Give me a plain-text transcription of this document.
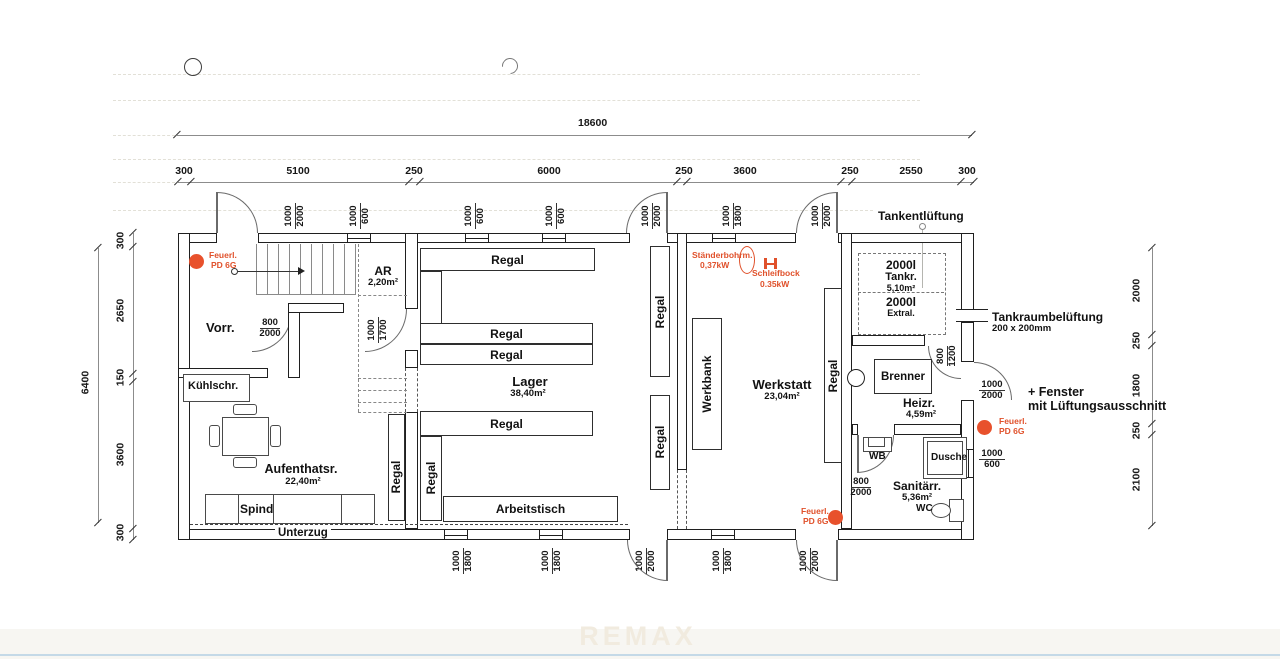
18600
300	5100	250	6000	250	3600	250	2550	300
6400
300
2650
150
3600
300
2000
250
1800
250
2100
1000 2000	1000 600	1000 600	1000 600	1000 2000	1000 1800	1000 2000
1000 1800	1000 1800	1000 2000	1000 1800	1000 2000
1000 1700
800 1200
800
2000
1000
2000
1000
600
800
2000
Vorr.
AR
2,20m²
Aufenthatsr.
22,40m²
Lager
38,40m²
Werkstatt
23,04m²	Heizr.
4,59m²
Sanitärr.
5,36m²
2000l
Tankr.
5,10m²
2000l
Extral.
Tankentlüftung
Tankraumbelüftung
200 x 200mm
+ Fenster
mit Lüftungsausschnitt
Regal
Regal
Regal
Regal
Regal
Regal
Regal
Regal
Arbeitstisch
Werkbank	Regal
Ständerbohrm.
0,37kW
Schleifbock
0.35kW
Feuerl.
PD 6G
Feuerl.
PD 6G
Feuerl.
PD 6G
Brenner
WB	Dusche
WC
Spind
Kühlschr.
Unterzug
REMAX
